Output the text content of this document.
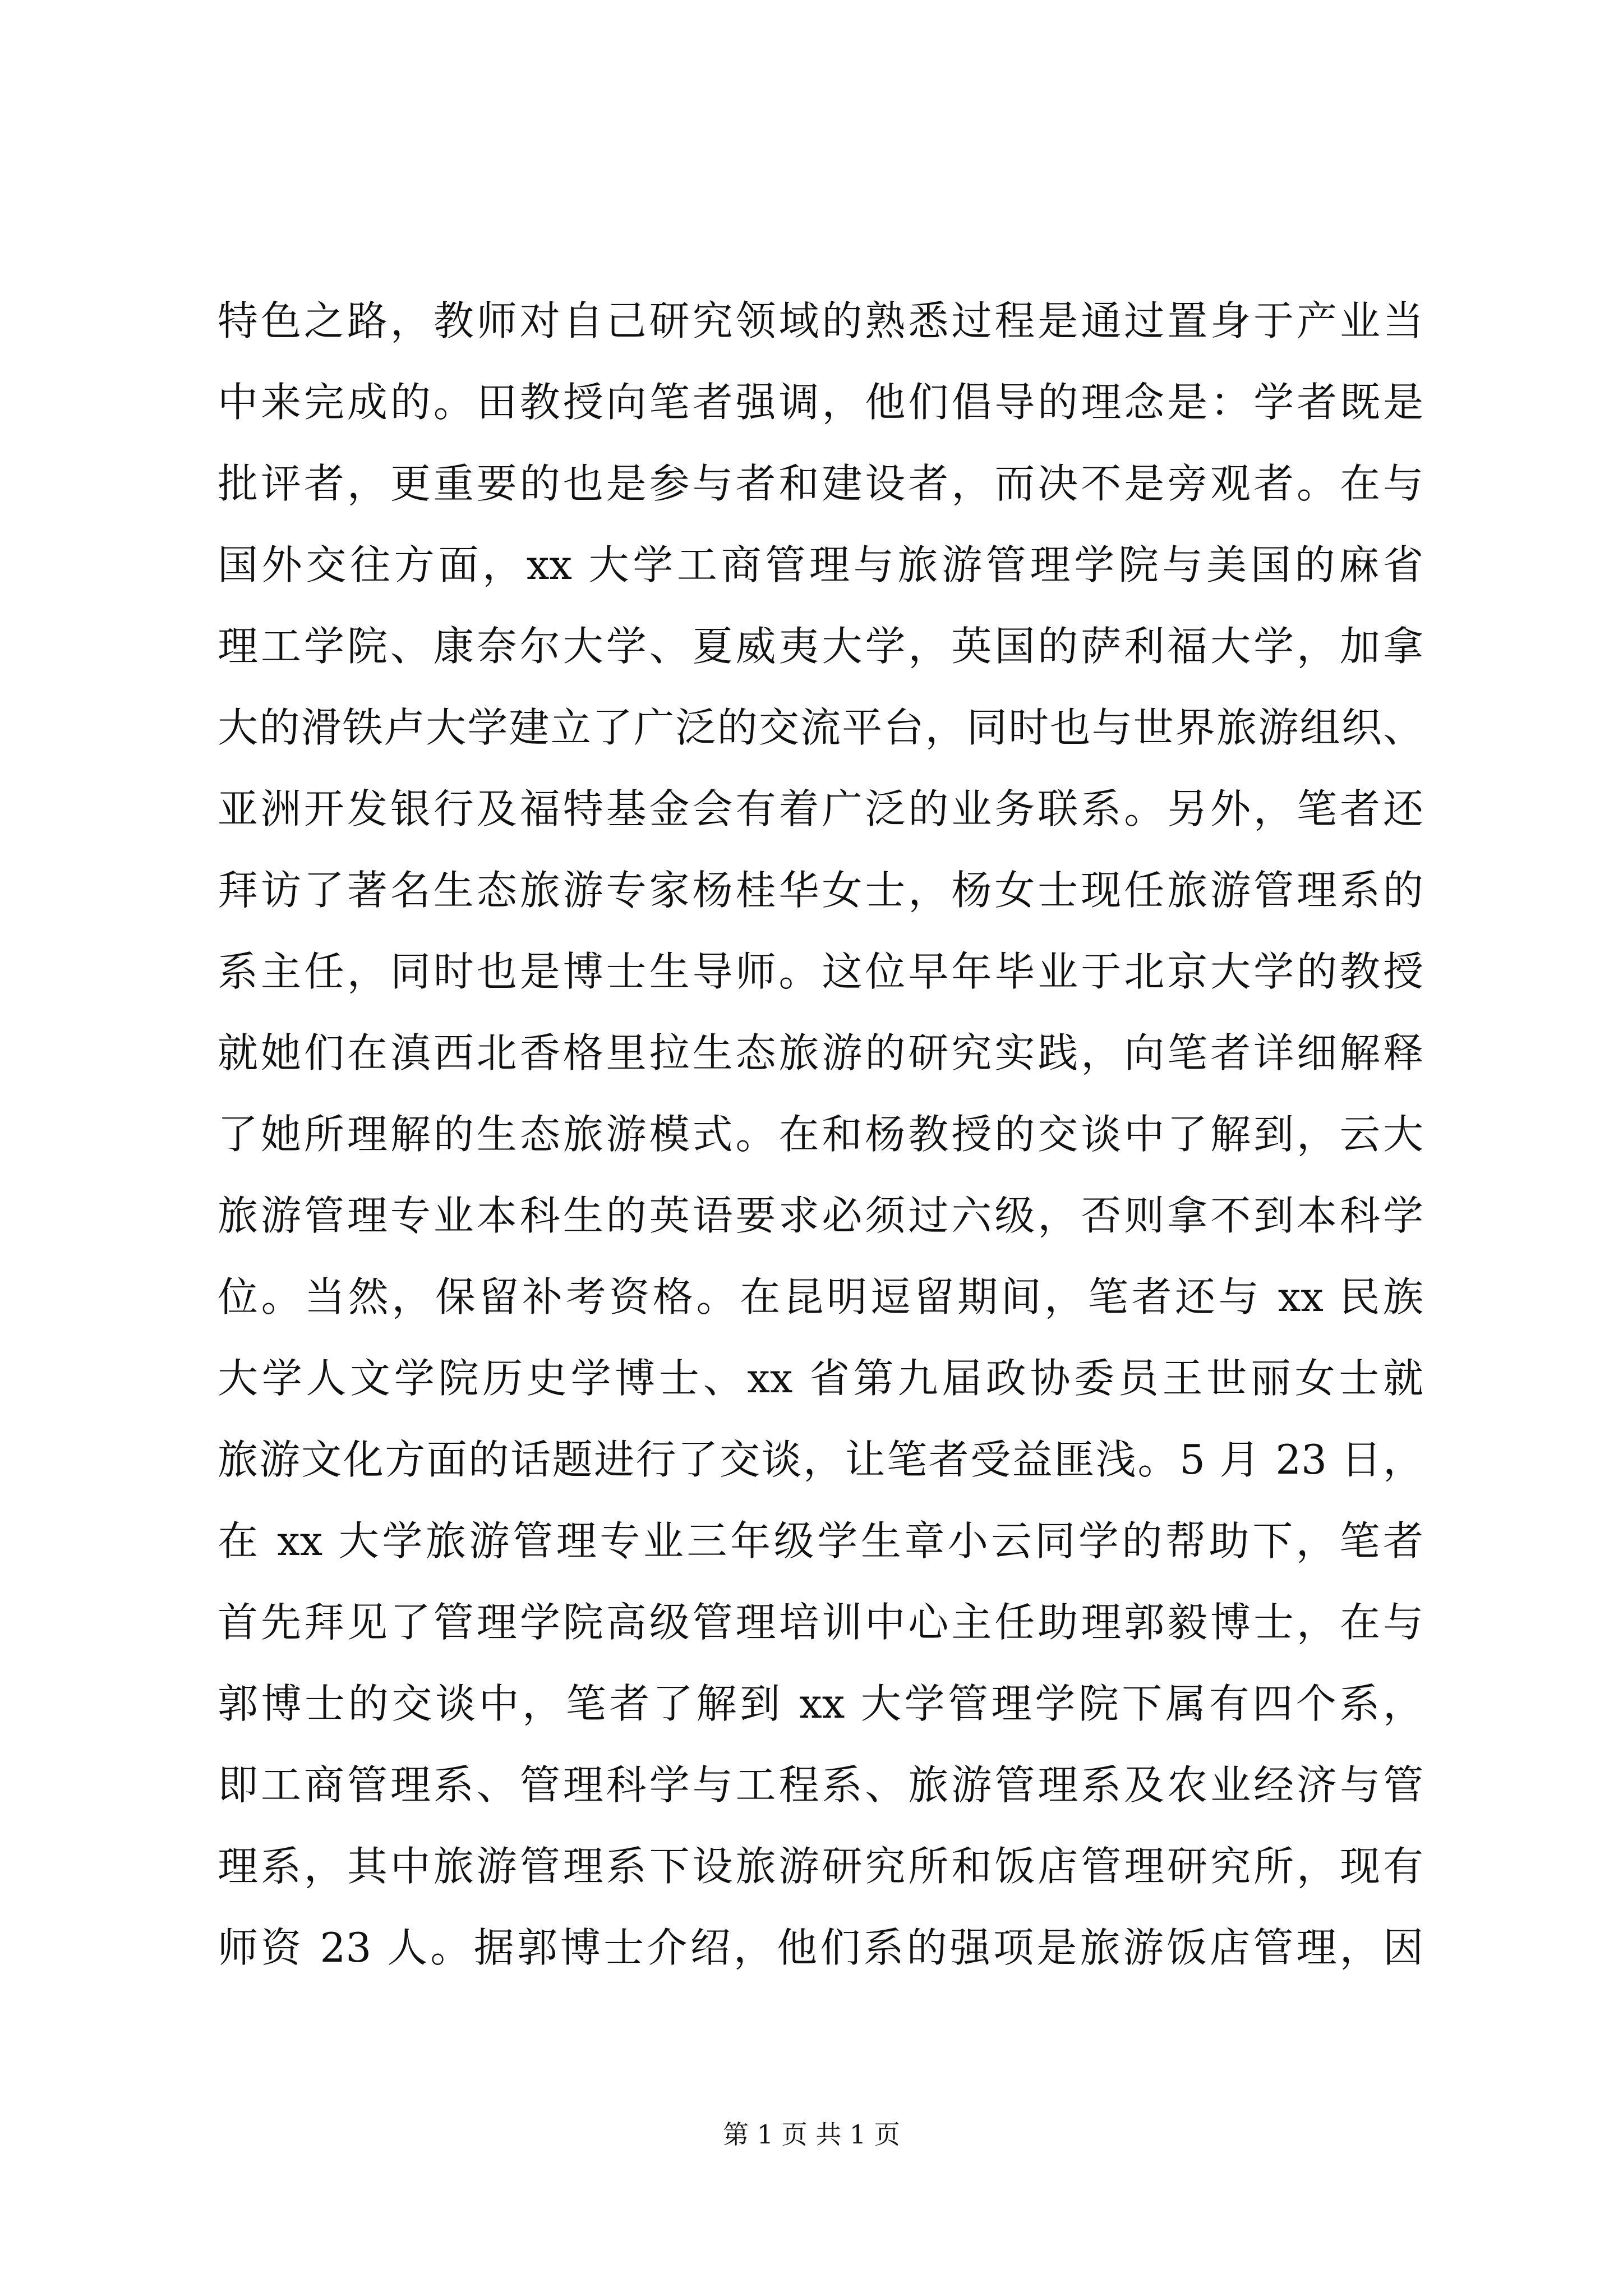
特色之路，教师对自己研究领域的熟悉过程是通过置身于产业当
中来完成的。田教授向笔者强调，他们倡导的理念是：学者既是
批评者，更重要的也是参与者和建设者，而决不是旁观者。在与
国外交往方面，xx 大学工商管理与旅游管理学院与美国的麻省
理工学院、康奈尔大学、夏威夷大学，英国的萨利福大学，加拿
大的滑铁卢大学建立了广泛的交流平台，同时也与世界旅游组织、
亚洲开发银行及福特基金会有着广泛的业务联系。另外，笔者还
拜访了著名生态旅游专家杨桂华女士，杨女士现任旅游管理系的
系主任，同时也是博士生导师。这位早年毕业于北京大学的教授
就她们在滇西北香格里拉生态旅游的研究实践，向笔者详细解释
了她所理解的生态旅游模式。在和杨教授的交谈中了解到，云大
旅游管理专业本科生的英语要求必须过六级，否则拿不到本科学
位。当然，保留补考资格。在昆明逗留期间，笔者还与 xx 民族
大学人文学院历史学博士、xx 省第九届政协委员王世丽女士就
旅游文化方面的话题进行了交谈，让笔者受益匪浅。5 月 23 日，
在 xx 大学旅游管理专业三年级学生章小云同学的帮助下，笔者
首先拜见了管理学院高级管理培训中心主任助理郭毅博士，在与
郭博士的交谈中，笔者了解到 xx 大学管理学院下属有四个系，
即工商管理系、管理科学与工程系、旅游管理系及农业经济与管
理系，其中旅游管理系下设旅游研究所和饭店管理研究所，现有
师资 23 人。据郭博士介绍，他们系的强项是旅游饭店管理，因
第 1 页 共 1 页
